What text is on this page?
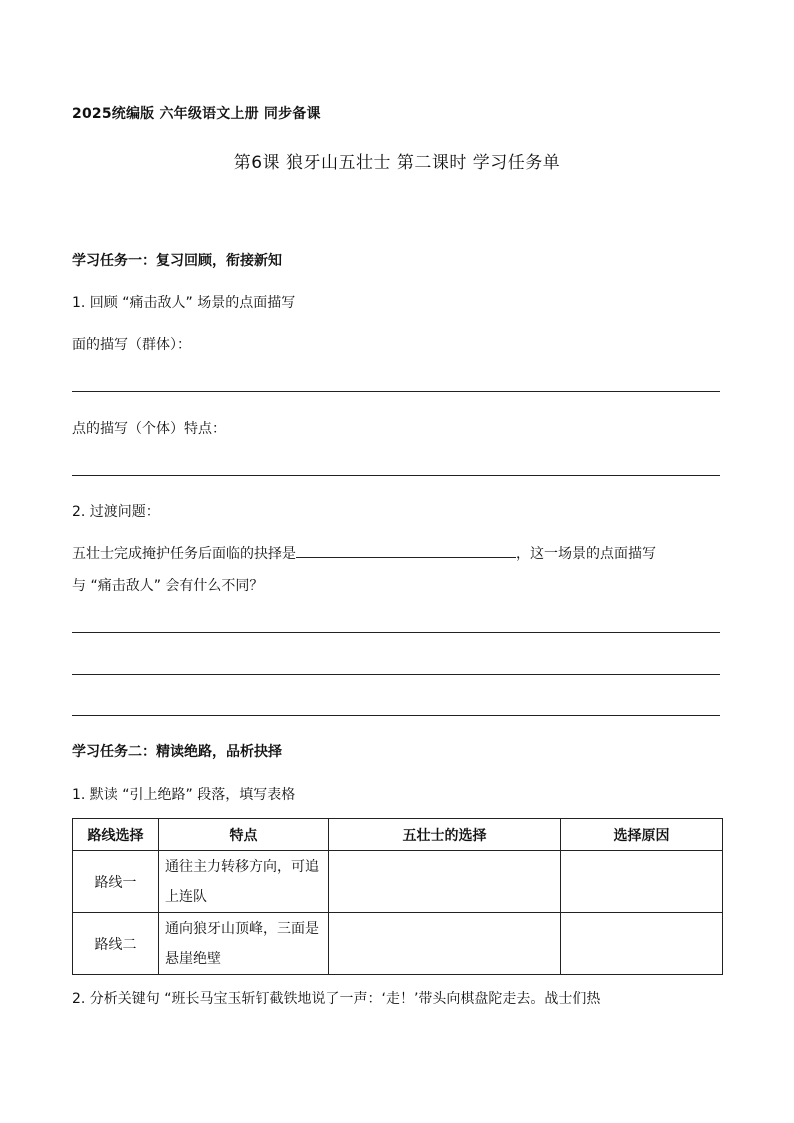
2025统编版 六年级语文上册 同步备课
第6课 狼牙山五壮士 第二课时 学习任务单
学习任务一：复习回顾，衔接新知
1. 回顾 “痛击敌人” 场景的点面描写
面的描写（群体）：
点的描写（个体）特点：
2. 过渡问题：
五壮士完成掩护任务后面临的抉择是	，这一场景的点面描写
与 “痛击敌人” 会有什么不同？
学习任务二：精读绝路，品析抉择
1. 默读 “引上绝路” 段落，填写表格
路线选择	特点	五壮士的选择	选择原因
路线一	通往主力转移方向，可追上连队		
路线二	通向狼牙山顶峰，三面是悬崖绝壁		
2. 分析关键句 “班长马宝玉斩钉截铁地说了一声：‘走！’带头向棋盘陀走去。战士们热
